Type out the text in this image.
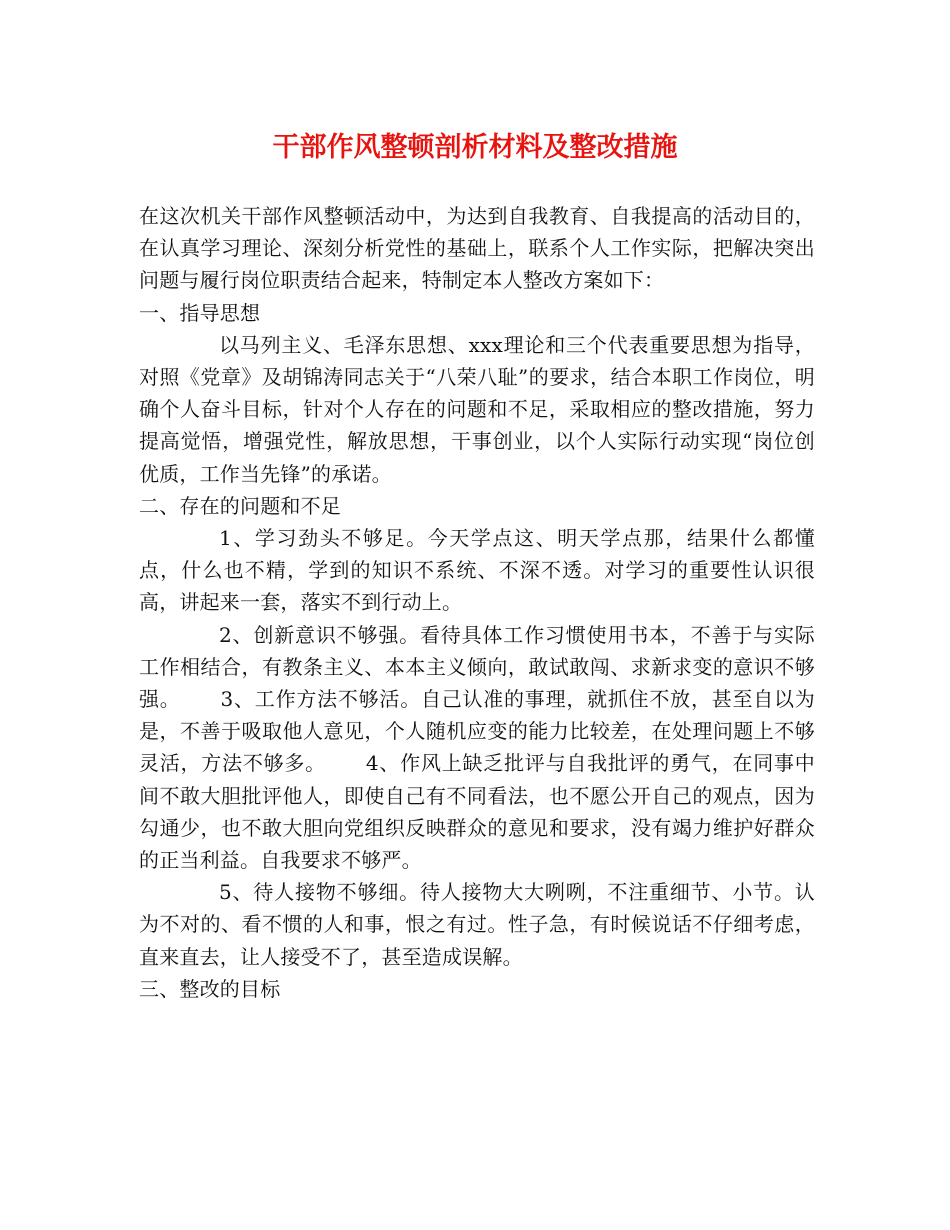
干部作风整顿剖析材料及整改措施

在这次机关干部作风整顿活动中，为达到自我教育、自我提高的活动目的，在认真学习理论、深刻分析党性的基础上，联系个人工作实际，把解决突出问题与履行岗位职责结合起来，特制定本人整改方案如下：

一、指导思想

以马列主义、毛泽东思想、xxx理论和三个代表重要思想为指导，对照《党章》及胡锦涛同志关于“八荣八耻”的要求，结合本职工作岗位，明确个人奋斗目标，针对个人存在的问题和不足，采取相应的整改措施，努力提高觉悟，增强党性，解放思想，干事创业，以个人实际行动实现“岗位创优质，工作当先锋”的承诺。

二、存在的问题和不足

1、学习劲头不够足。今天学点这、明天学点那，结果什么都懂点，什么也不精，学到的知识不系统、不深不透。对学习的重要性认识很高，讲起来一套，落实不到行动上。

2、创新意识不够强。看待具体工作习惯使用书本，不善于与实际工作相结合，有教条主义、本本主义倾向，敢试敢闯、求新求变的意识不够强。 3、工作方法不够活。自己认准的事理，就抓住不放，甚至自以为是，不善于吸取他人意见，个人随机应变的能力比较差，在处理问题上不够灵活，方法不够多。 4、作风上缺乏批评与自我批评的勇气，在同事中间不敢大胆批评他人，即使自己有不同看法，也不愿公开自己的观点，因为勾通少，也不敢大胆向党组织反映群众的意见和要求，没有竭力维护好群众的正当利益。自我要求不够严。

5、待人接物不够细。待人接物大大咧咧，不注重细节、小节。认为不对的、看不惯的人和事，恨之有过。性子急，有时候说话不仔细考虑，直来直去，让人接受不了，甚至造成误解。

三、整改的目标
